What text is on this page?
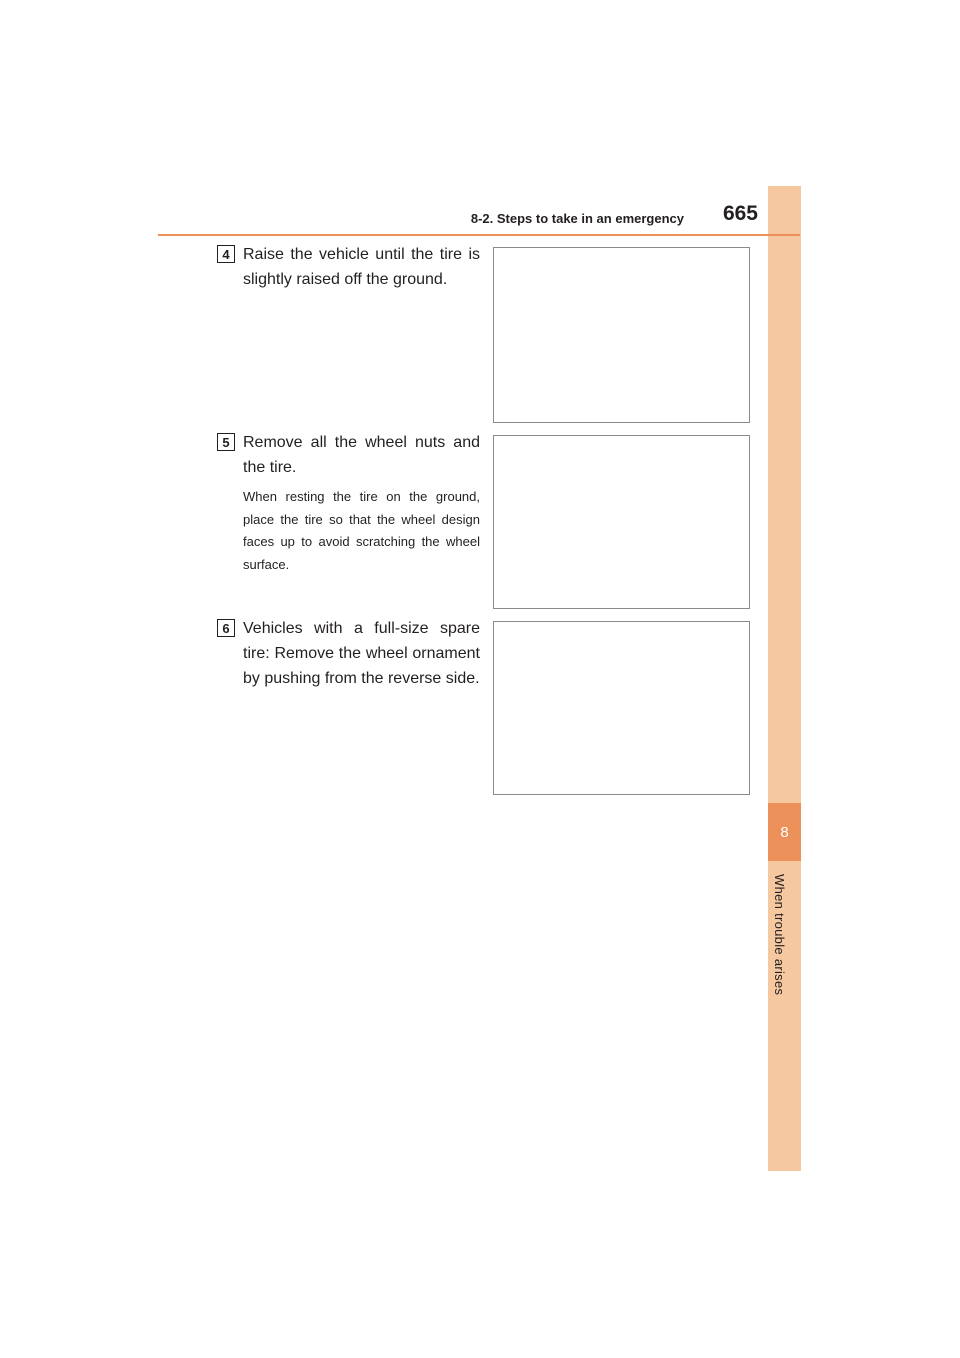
8
When trouble arises
8-2. Steps to take in an emergency 665
4 Raise the vehicle until the tire is slightly raised off the ground.
5 Remove all the wheel nuts and the tire.
When resting the tire on the ground, place the tire so that the wheel design faces up to avoid scratching the wheel surface.
6 Vehicles with a full-size spare tire: Remove the wheel ornament by pushing from the reverse side.
